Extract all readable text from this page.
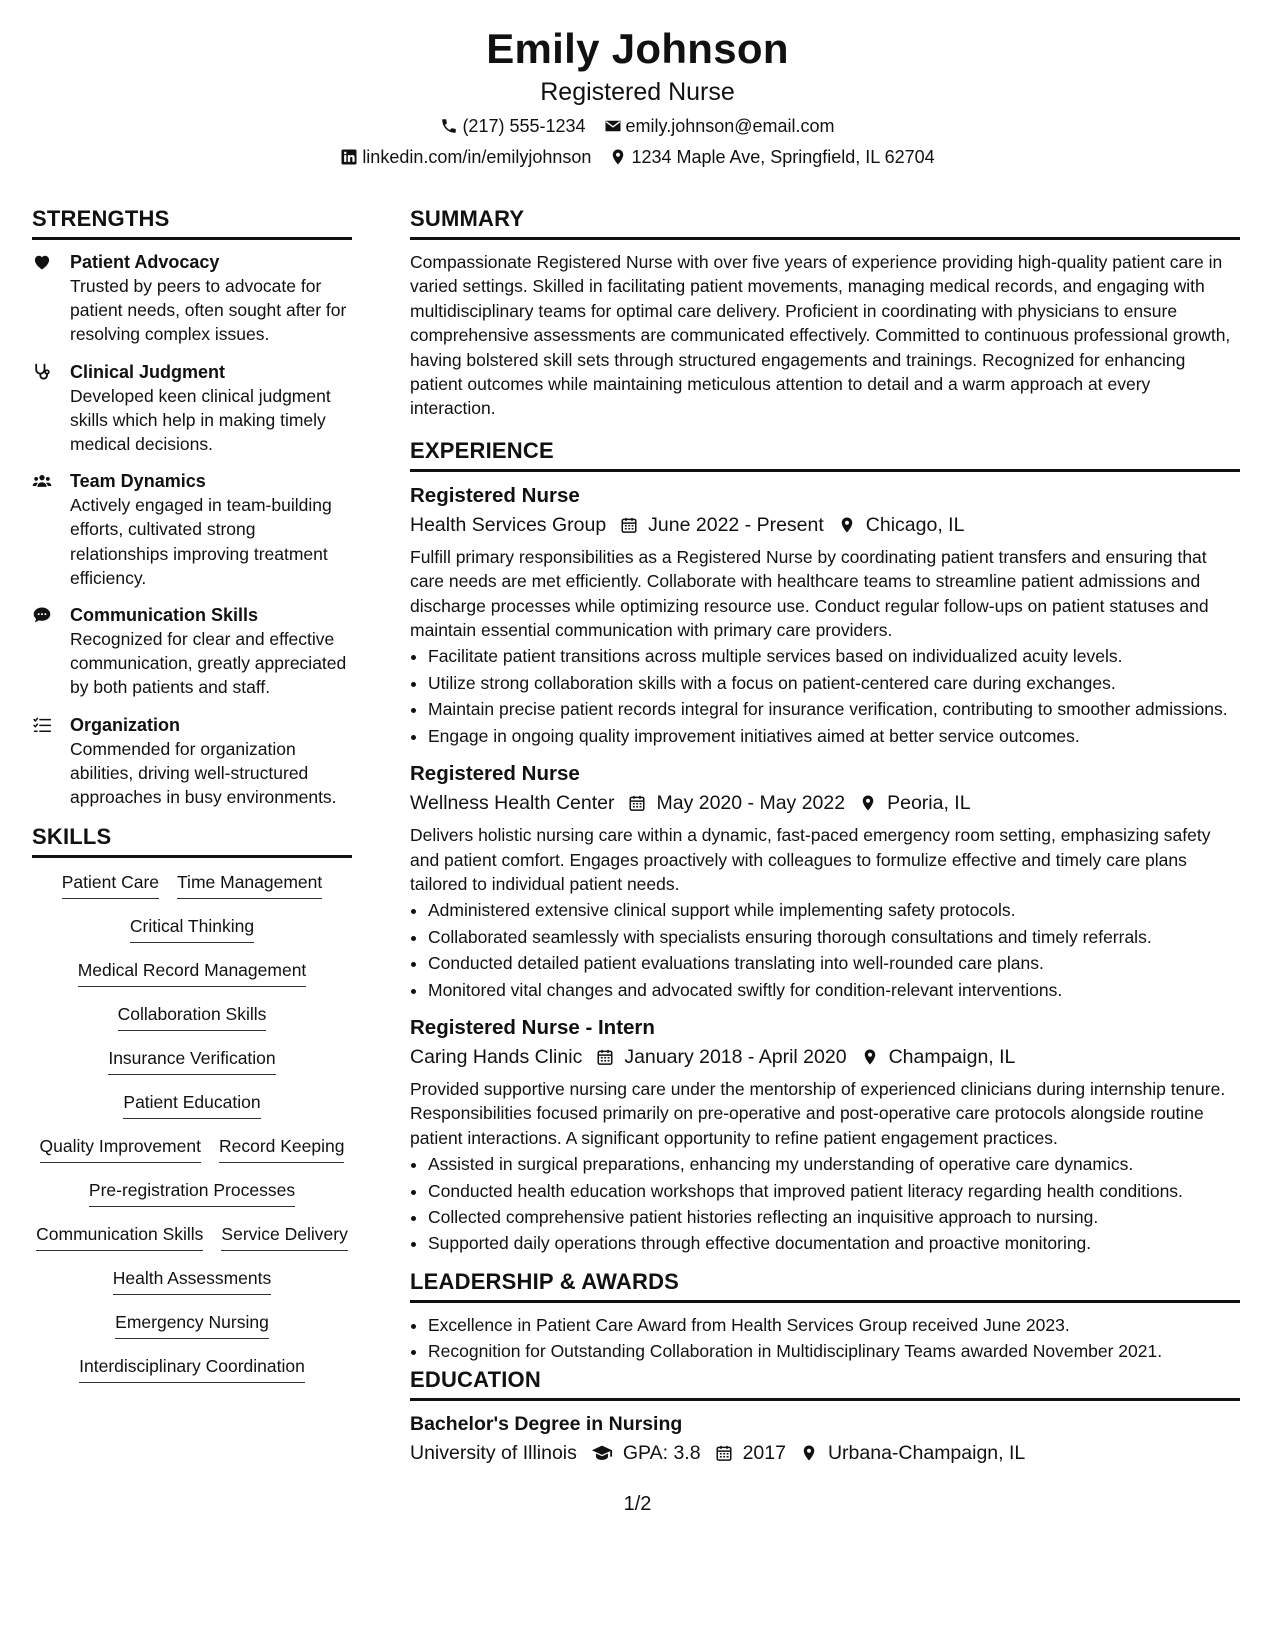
Emily Johnson
Registered Nurse
(217) 555-1234 emily.johnson@email.com
linkedin.com/in/emilyjohnson 1234 Maple Ave, Springfield, IL 62704
STRENGTHS
Patient Advocacy
Trusted by peers to advocate for patient needs, often sought after for resolving complex issues.
Clinical Judgment
Developed keen clinical judgment skills which help in making timely medical decisions.
Team Dynamics
Actively engaged in team-building efforts, cultivated strong relationships improving treatment efficiency.
Communication Skills
Recognized for clear and effective communication, greatly appreciated by both patients and staff.
Organization
Commended for organization abilities, driving well-structured approaches in busy environments.
SKILLS
Patient Care Time Management
Critical Thinking
Medical Record Management
Collaboration Skills
Insurance Verification
Patient Education
Quality Improvement Record Keeping
Pre-registration Processes
Communication Skills Service Delivery
Health Assessments
Emergency Nursing
Interdisciplinary Coordination
SUMMARY
Compassionate Registered Nurse with over five years of experience providing high-quality patient care in varied settings. Skilled in facilitating patient movements, managing medical records, and engaging with multidisciplinary teams for optimal care delivery. Proficient in coordinating with physicians to ensure comprehensive assessments are communicated effectively. Committed to continuous professional growth, having bolstered skill sets through structured engagements and trainings. Recognized for enhancing patient outcomes while maintaining meticulous attention to detail and a warm approach at every interaction.
EXPERIENCE
Registered Nurse
Health Services Group June 2022 - Present Chicago, IL
Fulfill primary responsibilities as a Registered Nurse by coordinating patient transfers and ensuring that care needs are met efficiently. Collaborate with healthcare teams to streamline patient admissions and discharge processes while optimizing resource use. Conduct regular follow-ups on patient statuses and maintain essential communication with primary care providers.
• Facilitate patient transitions across multiple services based on individualized acuity levels.
• Utilize strong collaboration skills with a focus on patient-centered care during exchanges.
• Maintain precise patient records integral for insurance verification, contributing to smoother admissions.
• Engage in ongoing quality improvement initiatives aimed at better service outcomes.
Registered Nurse
Wellness Health Center May 2020 - May 2022 Peoria, IL
Delivers holistic nursing care within a dynamic, fast-paced emergency room setting, emphasizing safety and patient comfort. Engages proactively with colleagues to formulize effective and timely care plans tailored to individual patient needs.
• Administered extensive clinical support while implementing safety protocols.
• Collaborated seamlessly with specialists ensuring thorough consultations and timely referrals.
• Conducted detailed patient evaluations translating into well-rounded care plans.
• Monitored vital changes and advocated swiftly for condition-relevant interventions.
Registered Nurse - Intern
Caring Hands Clinic January 2018 - April 2020 Champaign, IL
Provided supportive nursing care under the mentorship of experienced clinicians during internship tenure. Responsibilities focused primarily on pre-operative and post-operative care protocols alongside routine patient interactions. A significant opportunity to refine patient engagement practices.
• Assisted in surgical preparations, enhancing my understanding of operative care dynamics.
• Conducted health education workshops that improved patient literacy regarding health conditions.
• Collected comprehensive patient histories reflecting an inquisitive approach to nursing.
• Supported daily operations through effective documentation and proactive monitoring.
LEADERSHIP & AWARDS
• Excellence in Patient Care Award from Health Services Group received June 2023.
• Recognition for Outstanding Collaboration in Multidisciplinary Teams awarded November 2021.
EDUCATION
Bachelor's Degree in Nursing
University of Illinois GPA: 3.8 2017 Urbana-Champaign, IL
1/2
